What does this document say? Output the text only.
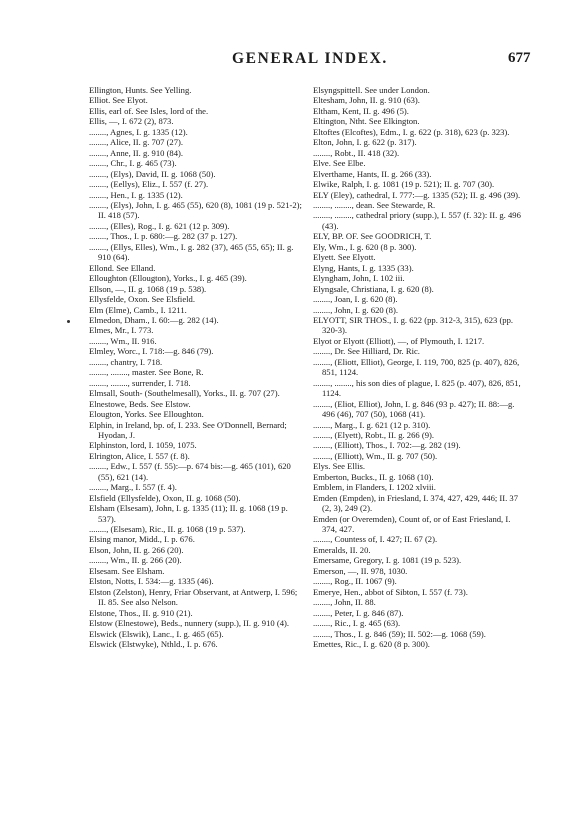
GENERAL INDEX.	677
Ellington, Hunts. See Yelling.
Elliot. See Elyot.
Ellis, earl of. See Isles, lord of the.
Ellis, —, I. 672 (2), 873.
........, Agnes, I. g. 1335 (12).
........, Alice, II. g. 707 (27).
........, Anne, II. g. 910 (84).
........, Chr., I. g. 465 (73).
........, (Elys), David, II. g. 1068 (50).
........, (Eellys), Eliz., I. 557 (f. 27).
........, Hen., I. g. 1335 (12).
........, (Elys), John, I. g. 465 (55), 620 (8), 1081 (19 p. 521-2); II. 418 (57).
........, (Elles), Rog., I. g. 621 (12 p. 309).
........, Thos., I. p. 680:—g. 282 (37 p. 127).
........, (Ellys, Elles), Wm., I. g. 282 (37), 465 (55, 65); II. g. 910 (64).
Ellond. See Elland.
Elloughton (Ellougton), Yorks., I. g. 465 (39).
Ellson, —, II. g. 1068 (19 p. 538).
Ellysfelde, Oxon. See Elsfield.
Elm (Elme), Camb., I. 1211.
Elmedon, Dham., I. 60:—g. 282 (14).
Elmes, Mr., I. 773.
........, Wm., II. 916.
Elmley, Worc., I. 718:—g. 846 (79).
........, chantry, I. 718.
........, ........, master. See Bone, R.
........, ........, surrender, I. 718.
Elmsall, South- (Southelmesall), Yorks., II. g. 707 (27).
Elnestowe, Beds. See Elstow.
Elougton, Yorks. See Elloughton.
Elphin, in Ireland, bp. of, I. 233. See O'Donnell, Bernard; Hyodan, J.
Elphinston, lord, I. 1059, 1075.
Elrington, Alice, I. 557 (f. 8).
........, Edw., I. 557 (f. 55):—p. 674 bis:—g. 465 (101), 620 (55), 621 (14).
........, Marg., I. 557 (f. 4).
Elsfield (Ellysfelde), Oxon, II. g. 1068 (50).
Elsham (Elsesam), John, I. g. 1335 (11); II. g. 1068 (19 p. 537).
........, (Elsesam), Ric., II. g. 1068 (19 p. 537).
Elsing manor, Midd., I. p. 676.
Elson, John, II. g. 266 (20).
........, Wm., II. g. 266 (20).
Elsesam. See Elsham.
Elston, Notts, I. 534:—g. 1335 (46).
Elston (Zelston), Henry, Friar Observant, at Antwerp, I. 596; II. 85. See also Nelson.
Elstone, Thos., II. g. 910 (21).
Elstow (Elnestowe), Beds., nunnery (supp.), II. g. 910 (4).
Elswick (Elswik), Lanc., I. g. 465 (65).
Elswick (Elstwyke), Nthld., I. p. 676.
Elsyngspittell. See under London.
Eltesham, John, II. g. 910 (63).
Eltham, Kent, II. g. 496 (5).
Eltington, Ntht. See Elkington.
Eltoftes (Elcoftes), Edm., I. g. 622 (p. 318), 623 (p. 323).
Elton, John, I. g. 622 (p. 317).
........, Robt., II. 418 (32).
Elve. See Elbe.
Elverthame, Hants, II. g. 266 (33).
Elwike, Ralph, I. g. 1081 (19 p. 521); II. g. 707 (30).
ELY (Eley), cathedral, I. 777:—g. 1335 (52); II. g. 496 (39).
........, ........, dean. See Stewarde, R.
........, ........, cathedral priory (supp.), I. 557 (f. 32): II. g. 496 (43).
ELY, BP. OF. See GOODRICH, T.
Ely, Wm., I. g. 620 (8 p. 300).
Elyett. See Elyott.
Elyng, Hants, I. g. 1335 (33).
Elyngham, John, I. 102 iii.
Elyngsale, Christiana, I. g. 620 (8).
........, Joan, I. g. 620 (8).
........, John, I. g. 620 (8).
ELYOTT, SIR THOS., I. g. 622 (pp. 312-3, 315), 623 (pp. 320-3).
Elyot or Elyott (Elliott), —, of Plymouth, I. 1217.
........, Dr. See Hilliard, Dr. Ric.
........, (Eliott, Elliot), George, I. 119, 700, 825 (p. 407), 826, 851, 1124.
........, ........, his son dies of plague, I. 825 (p. 407), 826, 851, 1124.
........, (Eliot, Elliot), John, I. g. 846 (93 p. 427); II. 88:—g. 496 (46), 707 (50), 1068 (41).
........, Marg., I. g. 621 (12 p. 310).
........, (Elyett), Robt., II. g. 266 (9).
........, (Elliott), Thos., I. 702:—g. 282 (19).
........, (Elliott), Wm., II. g. 707 (50).
Elys. See Ellis.
Emberton, Bucks., II. g. 1068 (10).
Emblem, in Flanders, I. 1202 xlviii.
Emden (Empden), in Friesland, I. 374, 427, 429, 446; II. 37 (2, 3), 249 (2).
Emden (or Overemden), Count of, or of East Friesland, I. 374, 427.
........, Countess of, I. 427; II. 67 (2).
Emeralds, II. 20.
Emersame, Gregory, I. g. 1081 (19 p. 523).
Emerson, —, II. 978, 1030.
........, Rog., II. 1067 (9).
Emerye, Hen., abbot of Sibton, I. 557 (f. 73).
........, John, II. 88.
........, Peter, I. g. 846 (87).
........, Ric., I. g. 465 (63).
........, Thos., I. g. 846 (59); II. 502:—g. 1068 (59).
Emettes, Ric., I. g. 620 (8 p. 300).
